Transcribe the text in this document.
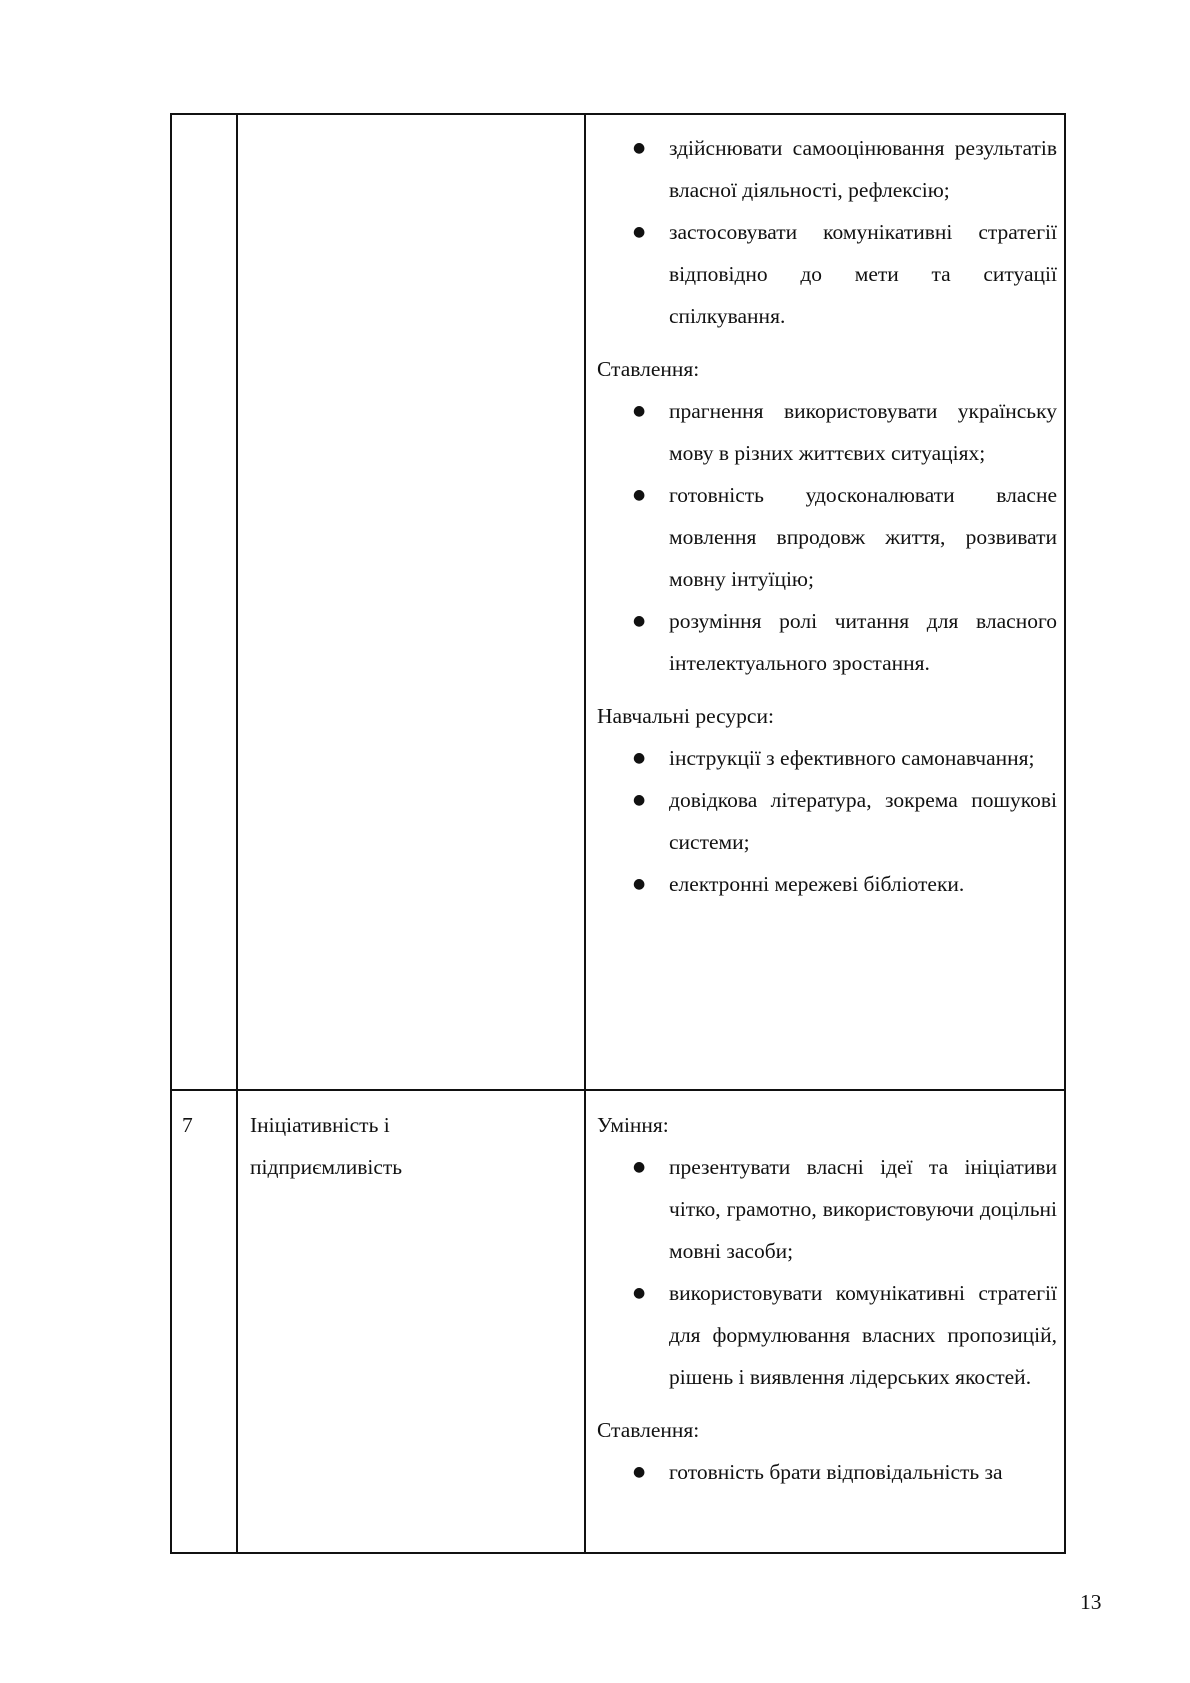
● здійснювати самооцінювання результатів власної діяльності, рефлексію;
● застосовувати комунікативні стратегії відповідно до мети та ситуації спілкування.

Ставлення:

● прагнення використовувати українську мову в різних життєвих ситуаціях;
● готовність удосконалювати власне мовлення впродовж життя, розвивати мовну інтуїцію;
● розуміння ролі читання для власного інтелектуального зростання.

Навчальні ресурси:

● інструкції з ефективного самонавчання;
● довідкова література, зокрема пошукові системи;
● електронні мережеві бібліотеки.
7	Ініціативність і
підприємливість

Уміння:

● презентувати власні ідеї та ініціативи чітко, грамотно, використовуючи доцільні мовні засоби;
● використовувати комунікативні стратегії для формулювання власних пропозицій, рішень і виявлення лідерських якостей.

Ставлення:

● готовність брати відповідальність за
13
